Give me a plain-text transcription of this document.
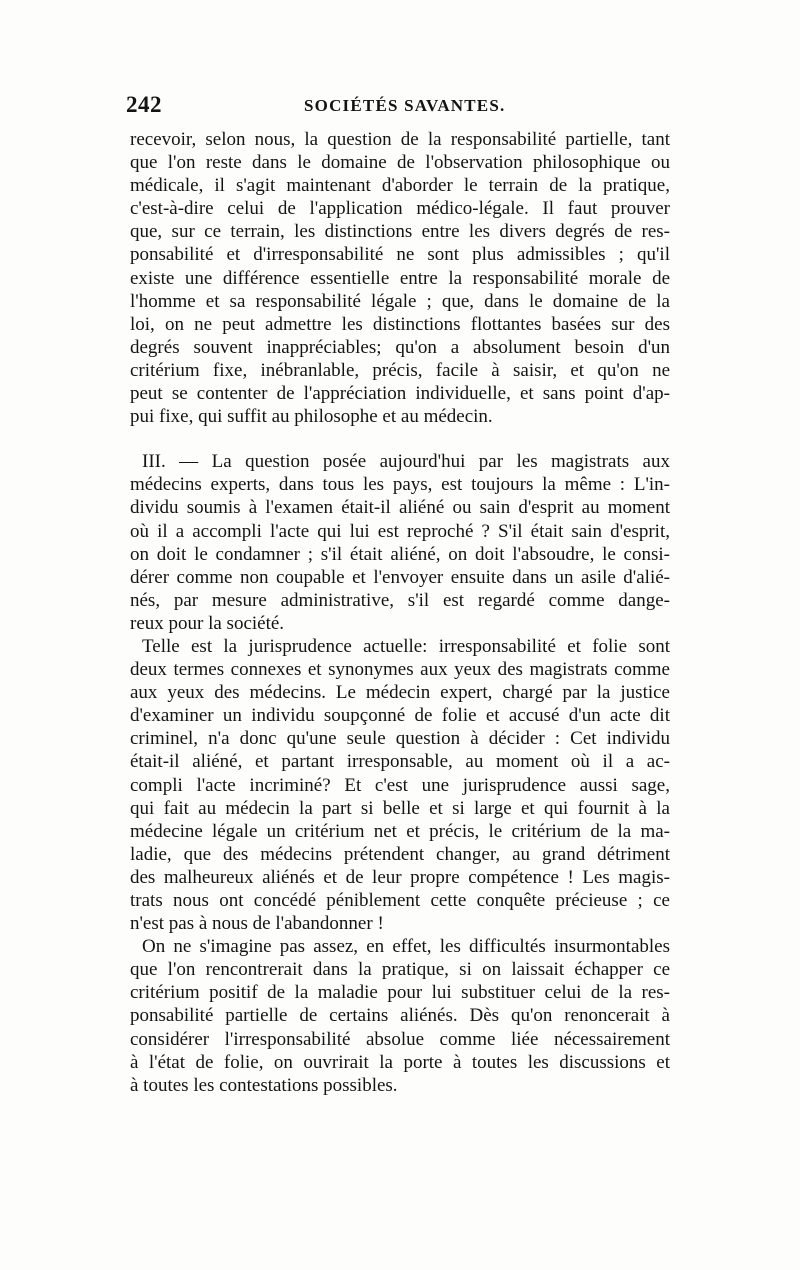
242	SOCIÉTÉS SAVANTES.
recevoir, selon nous, la question de la responsabilité partielle, tant
que l'on reste dans le domaine de l'observation philosophique ou
médicale, il s'agit maintenant d'aborder le terrain de la pratique,
c'est-à-dire celui de l'application médico-légale. Il faut prouver
que, sur ce terrain, les distinctions entre les divers degrés de res-
ponsabilité et d'irresponsabilité ne sont plus admissibles ; qu'il
existe une différence essentielle entre la responsabilité morale de
l'homme et sa responsabilité légale ; que, dans le domaine de la
loi, on ne peut admettre les distinctions flottantes basées sur des
degrés souvent inappréciables; qu'on a absolument besoin d'un
critérium fixe, inébranlable, précis, facile à saisir, et qu'on ne
peut se contenter de l'appréciation individuelle, et sans point d'ap-
pui fixe, qui suffit au philosophe et au médecin.
III. — La question posée aujourd'hui par les magistrats aux
médecins experts, dans tous les pays, est toujours la même : L'in-
dividu soumis à l'examen était-il aliéné ou sain d'esprit au moment
où il a accompli l'acte qui lui est reproché ? S'il était sain d'esprit,
on doit le condamner ; s'il était aliéné, on doit l'absoudre, le consi-
dérer comme non coupable et l'envoyer ensuite dans un asile d'alié-
nés, par mesure administrative, s'il est regardé comme dange-
reux pour la société.
Telle est la jurisprudence actuelle: irresponsabilité et folie sont
deux termes connexes et synonymes aux yeux des magistrats comme
aux yeux des médecins. Le médecin expert, chargé par la justice
d'examiner un individu soupçonné de folie et accusé d'un acte dit
criminel, n'a donc qu'une seule question à décider : Cet individu
était-il aliéné, et partant irresponsable, au moment où il a ac-
compli l'acte incriminé? Et c'est une jurisprudence aussi sage,
qui fait au médecin la part si belle et si large et qui fournit à la
médecine légale un critérium net et précis, le critérium de la ma-
ladie, que des médecins prétendent changer, au grand détriment
des malheureux aliénés et de leur propre compétence ! Les magis-
trats nous ont concédé péniblement cette conquête précieuse ; ce
n'est pas à nous de l'abandonner !
On ne s'imagine pas assez, en effet, les difficultés insurmontables
que l'on rencontrerait dans la pratique, si on laissait échapper ce
critérium positif de la maladie pour lui substituer celui de la res-
ponsabilité partielle de certains aliénés. Dès qu'on renoncerait à
considérer l'irresponsabilité absolue comme liée nécessairement
à l'état de folie, on ouvrirait la porte à toutes les discussions et
à toutes les contestations possibles.
